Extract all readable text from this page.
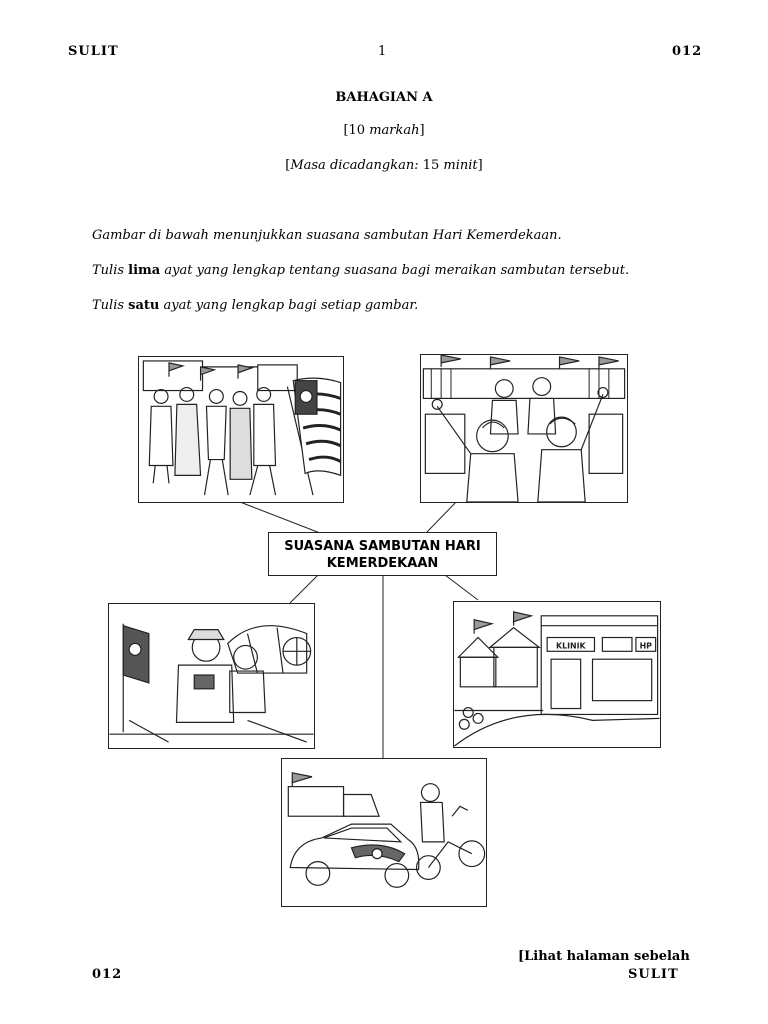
SULIT	1	012
BAHAGIAN A
[10 markah]
[Masa dicadangkan: 15 minit]
Gambar di bawah menunjukkan suasana sambutan Hari Kemerdekaan.
Tulis lima ayat yang lengkap tentang suasana bagi meraikan sambutan tersebut.
Tulis satu ayat yang lengkap bagi setiap gambar.
SUASANA SAMBUTAN HARI
KEMERDEKAAN
KLINIK	HP
[Lihat halaman sebelah
012	SULIT
